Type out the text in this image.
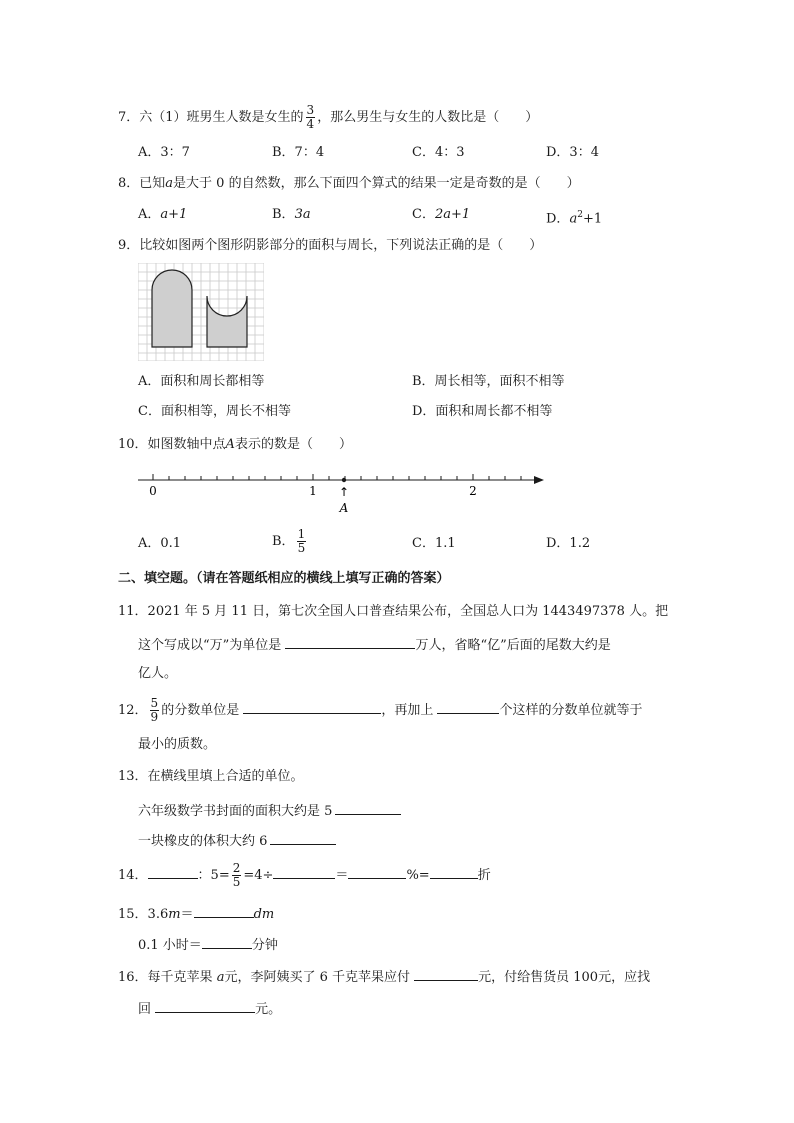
7．六（1）班男生人数是女生的 $\frac{3}{4}$ ，那么男生与女生的人数比是（　　）
A．3：7	B．7：4	C．4：3	D．3：4
8．已知a是大于 0 的自然数，那么下面四个算式的结果一定是奇数的是（　　）
A．a+1	B．3a	C．2a+1	D．$a^2+1$
9．比较如图两个图形阴影部分的面积与周长，下列说法正确的是（　　）
A．面积和周长都相等	B．周长相等，面积不相等
C．面积相等，周长不相等	D．面积和周长都不相等
10．如图数轴中点A表示的数是（　　）
0	1	2
↑
A
A．0.1	B． $\frac{1}{5}$	C．1.1	D．1.2
二、填空题。（请在答题纸相应的横线上填写正确的答案）
11．2021 年 5 月 11 日，第七次全国人口普查结果公布，全国总人口为 1443497378 人。把
这个写成以“万”为单位是	万人，省略“亿”后面的尾数大约是
亿人。
12． $\frac{5}{9}$ 的分数单位是	，再加上	个这样的分数单位就等于
最小的质数。
13．在横线里填上合适的单位。
六年级数学书封面的面积大约是 5
一块橡皮的体积大约 6
14．	：$5= \frac{2}{5} =4\div$	＝	%=	折
15．3.6m＝	dm
0.1 小时＝	分钟
16．每千克苹果 a元，李阿姨买了 6 千克苹果应付	元，付给售货员 100元，应找
回	元。
